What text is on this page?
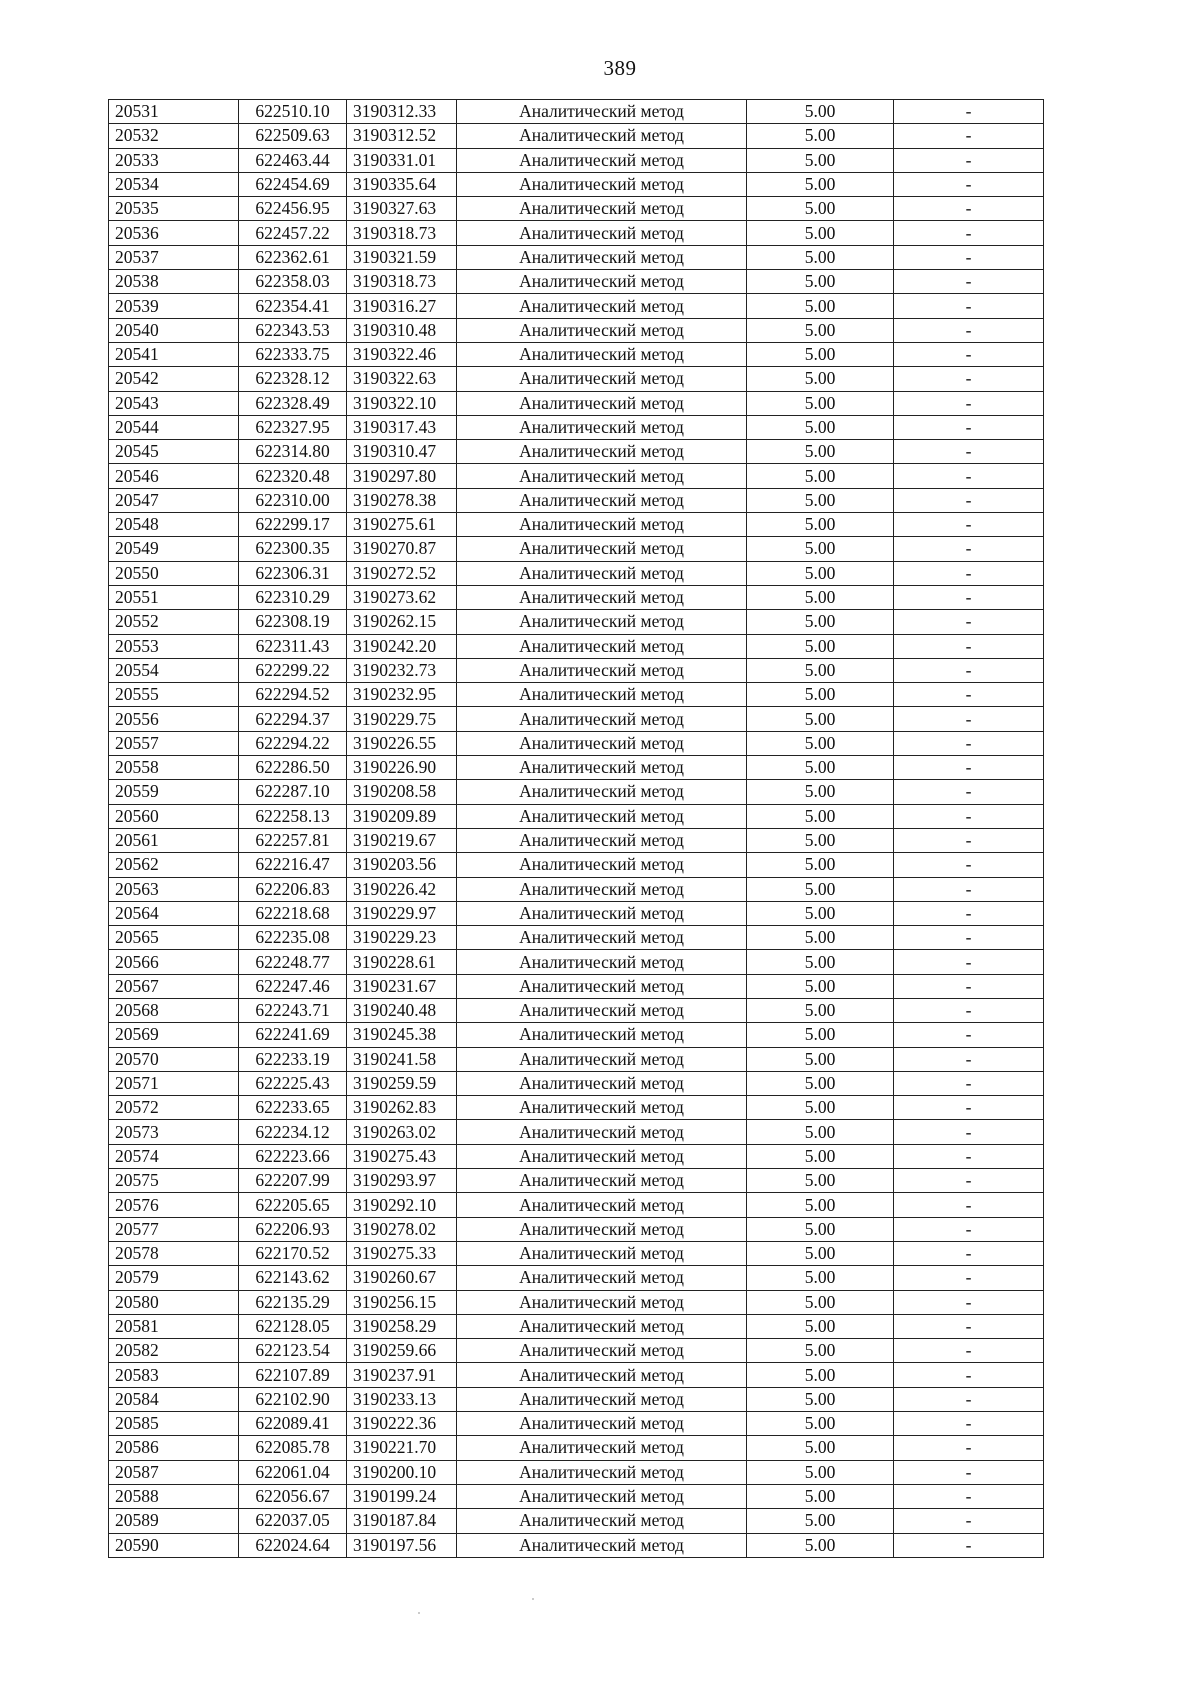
389
20531	622510.10	3190312.33	Аналитический метод	5.00	-
20532	622509.63	3190312.52	Аналитический метод	5.00	-
20533	622463.44	3190331.01	Аналитический метод	5.00	-
20534	622454.69	3190335.64	Аналитический метод	5.00	-
20535	622456.95	3190327.63	Аналитический метод	5.00	-
20536	622457.22	3190318.73	Аналитический метод	5.00	-
20537	622362.61	3190321.59	Аналитический метод	5.00	-
20538	622358.03	3190318.73	Аналитический метод	5.00	-
20539	622354.41	3190316.27	Аналитический метод	5.00	-
20540	622343.53	3190310.48	Аналитический метод	5.00	-
20541	622333.75	3190322.46	Аналитический метод	5.00	-
20542	622328.12	3190322.63	Аналитический метод	5.00	-
20543	622328.49	3190322.10	Аналитический метод	5.00	-
20544	622327.95	3190317.43	Аналитический метод	5.00	-
20545	622314.80	3190310.47	Аналитический метод	5.00	-
20546	622320.48	3190297.80	Аналитический метод	5.00	-
20547	622310.00	3190278.38	Аналитический метод	5.00	-
20548	622299.17	3190275.61	Аналитический метод	5.00	-
20549	622300.35	3190270.87	Аналитический метод	5.00	-
20550	622306.31	3190272.52	Аналитический метод	5.00	-
20551	622310.29	3190273.62	Аналитический метод	5.00	-
20552	622308.19	3190262.15	Аналитический метод	5.00	-
20553	622311.43	3190242.20	Аналитический метод	5.00	-
20554	622299.22	3190232.73	Аналитический метод	5.00	-
20555	622294.52	3190232.95	Аналитический метод	5.00	-
20556	622294.37	3190229.75	Аналитический метод	5.00	-
20557	622294.22	3190226.55	Аналитический метод	5.00	-
20558	622286.50	3190226.90	Аналитический метод	5.00	-
20559	622287.10	3190208.58	Аналитический метод	5.00	-
20560	622258.13	3190209.89	Аналитический метод	5.00	-
20561	622257.81	3190219.67	Аналитический метод	5.00	-
20562	622216.47	3190203.56	Аналитический метод	5.00	-
20563	622206.83	3190226.42	Аналитический метод	5.00	-
20564	622218.68	3190229.97	Аналитический метод	5.00	-
20565	622235.08	3190229.23	Аналитический метод	5.00	-
20566	622248.77	3190228.61	Аналитический метод	5.00	-
20567	622247.46	3190231.67	Аналитический метод	5.00	-
20568	622243.71	3190240.48	Аналитический метод	5.00	-
20569	622241.69	3190245.38	Аналитический метод	5.00	-
20570	622233.19	3190241.58	Аналитический метод	5.00	-
20571	622225.43	3190259.59	Аналитический метод	5.00	-
20572	622233.65	3190262.83	Аналитический метод	5.00	-
20573	622234.12	3190263.02	Аналитический метод	5.00	-
20574	622223.66	3190275.43	Аналитический метод	5.00	-
20575	622207.99	3190293.97	Аналитический метод	5.00	-
20576	622205.65	3190292.10	Аналитический метод	5.00	-
20577	622206.93	3190278.02	Аналитический метод	5.00	-
20578	622170.52	3190275.33	Аналитический метод	5.00	-
20579	622143.62	3190260.67	Аналитический метод	5.00	-
20580	622135.29	3190256.15	Аналитический метод	5.00	-
20581	622128.05	3190258.29	Аналитический метод	5.00	-
20582	622123.54	3190259.66	Аналитический метод	5.00	-
20583	622107.89	3190237.91	Аналитический метод	5.00	-
20584	622102.90	3190233.13	Аналитический метод	5.00	-
20585	622089.41	3190222.36	Аналитический метод	5.00	-
20586	622085.78	3190221.70	Аналитический метод	5.00	-
20587	622061.04	3190200.10	Аналитический метод	5.00	-
20588	622056.67	3190199.24	Аналитический метод	5.00	-
20589	622037.05	3190187.84	Аналитический метод	5.00	-
20590	622024.64	3190197.56	Аналитический метод	5.00	-
